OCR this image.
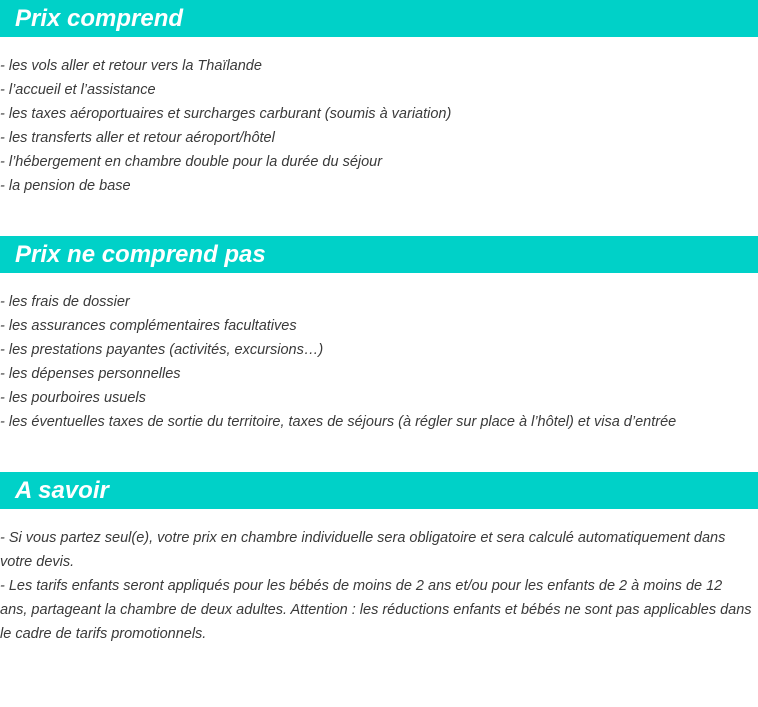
Prix comprend
- les vols aller et retour vers la Thaïlande
- l’accueil et l’assistance
- les taxes aéroportuaires et surcharges carburant (soumis à variation)
- les transferts aller et retour aéroport/hôtel
- l’hébergement en chambre double pour la durée du séjour
- la pension de base
Prix ne comprend pas
- les frais de dossier
- les assurances complémentaires facultatives
- les prestations payantes (activités, excursions…)
- les dépenses personnelles
- les pourboires usuels
- les éventuelles taxes de sortie du territoire, taxes de séjours (à régler sur place à l’hôtel) et visa d’entrée
A savoir

- Si vous partez seul(e), votre prix en chambre individuelle sera obligatoire et sera calculé automatiquement dans votre devis.

- Les tarifs enfants seront appliqués pour les bébés de moins de 2 ans et/ou pour les enfants de 2 à moins de 12 ans, partageant la chambre de deux adultes. Attention : les réductions enfants et bébés ne sont pas applicables dans le cadre de tarifs promotionnels.
